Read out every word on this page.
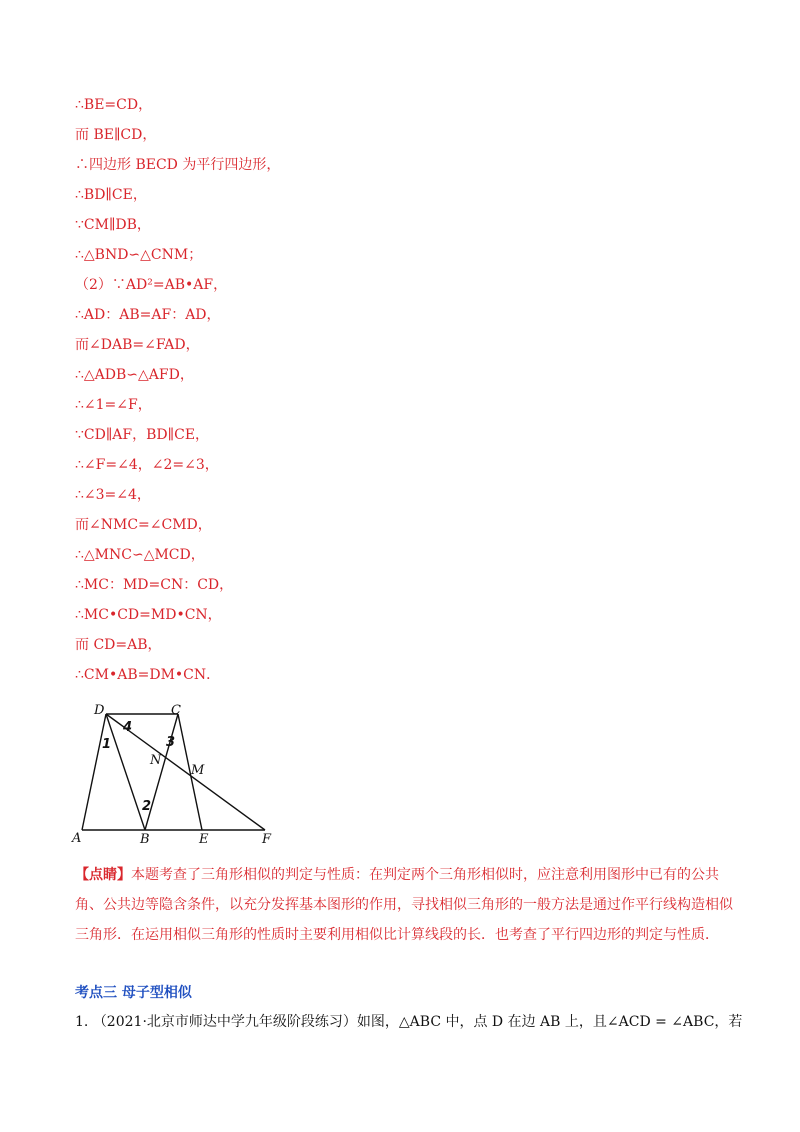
∴BE=CD，
而 BE∥CD，
∴四边形 BECD 为平行四边形，
∴BD∥CE，
∵CM∥DB，
∴△BND∽△CNM；
（2）∵AD²=AB•AF，
∴AD：AB=AF：AD，
而∠DAB=∠FAD，
∴△ADB∽△AFD，
∴∠1=∠F，
∵CD∥AF，BD∥CE，
∴∠F=∠4，∠2=∠3，
∴∠3=∠4，
而∠NMC=∠CMD，
∴△MNC∽△MCD，
∴MC：MD=CN：CD，
∴MC•CD=MD•CN，
而 CD=AB，
∴CM•AB=DM•CN．
D	C
A	B	E	F
M
N
1
2
3
4
【点睛】本题考查了三角形相似的判定与性质：在判定两个三角形相似时，应注意利用图形中已有的公共角、公共边等隐含条件，以充分发挥基本图形的作用，寻找相似三角形的一般方法是通过作平行线构造相似三角形．在运用相似三角形的性质时主要利用相似比计算线段的长．也考查了平行四边形的判定与性质．
考点三 母子型相似
1. （2021·北京市师达中学九年级阶段练习）如图，△ABC 中，点 D 在边 AB 上，且∠ACD = ∠ABC，若
